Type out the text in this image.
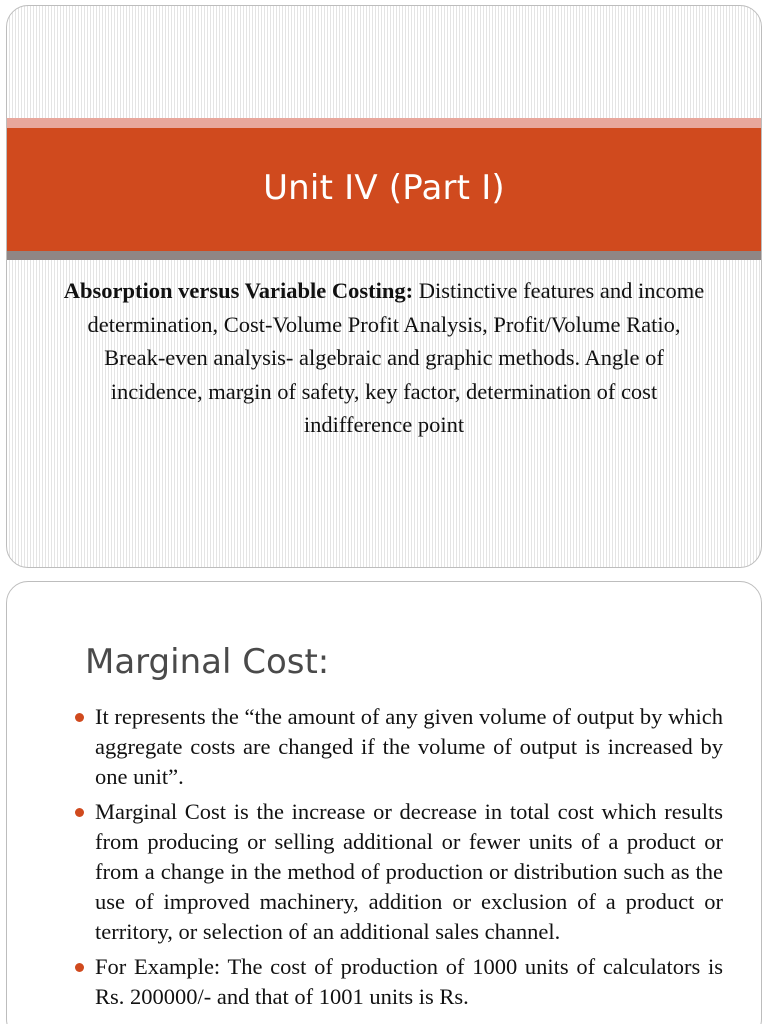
Unit IV (Part I)
Absorption versus Variable Costing: Distinctive features and income determination, Cost-Volume Profit Analysis, Profit/Volume Ratio, Break-even analysis- algebraic and graphic methods. Angle of incidence, margin of safety, key factor, determination of cost indifference point
Marginal Cost:
It represents the “the amount of any given volume of output by which aggregate costs are changed if the volume of output is increased by one unit”.
Marginal Cost is the increase or decrease in total cost which results from producing or selling additional or fewer units of a product or from a change in the method of production or distribution such as the use of improved machinery, addition or exclusion of a product or territory, or selection of an additional sales channel.
For Example: The cost of production of 1000 units of calculators is Rs. 200000/- and that of 1001 units is Rs.
